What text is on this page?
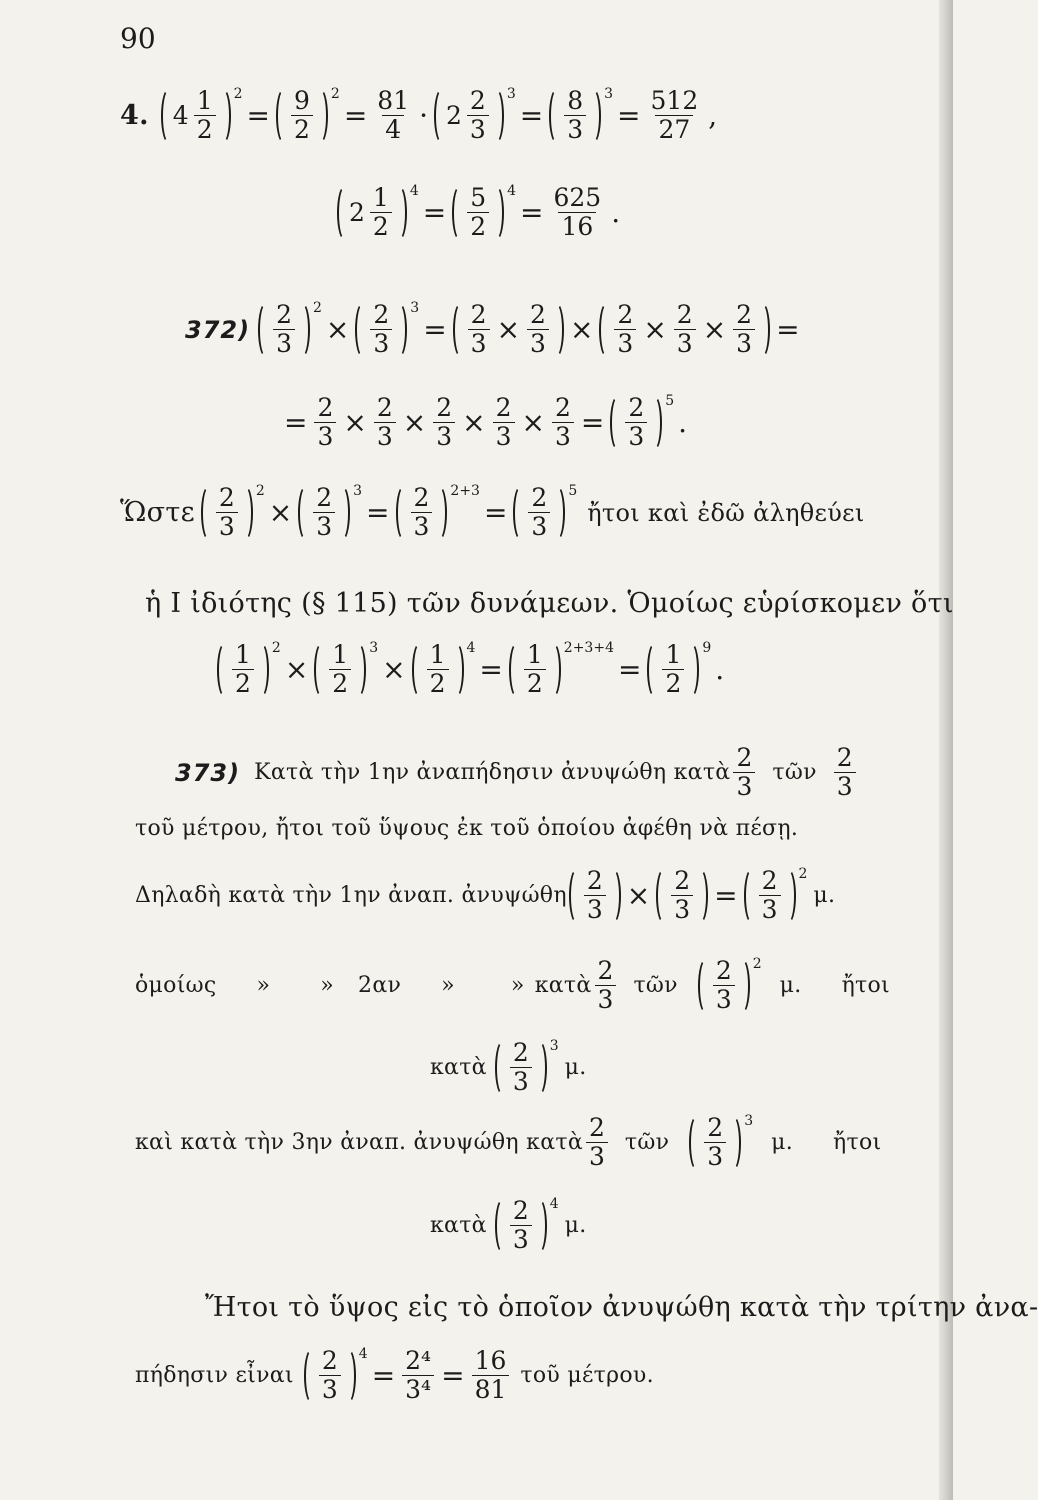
90
4. $4 \frac{1}{2} 2$
= $\frac{9}{2} 2$
= $\frac{81}{4} \cdot 2 \frac{2}{3} 3$
= $\frac{8}{3} 3$
= $\frac{512}{27}$ ,
$2 \frac{1}{2} 4$
= $\frac{5}{2} 4$
= $\frac{625}{16}$ .
$372) \frac{2}{3} 2$
× $\frac{2}{3} 3$
= $\frac{2}{3} \times \frac{2}{3} \times \frac{2}{3} \times \frac{2}{3} \times \frac{2}{3}$ =
= $\frac{2}{3} \times \frac{2}{3} \times \frac{2}{3} \times \frac{2}{3} \times \frac{2}{3} = \frac{2}{3} 5$
.
Ὥστε $\frac{2}{3} 2$
× $\frac{2}{3} 3$
= $\frac{2}{3} 2+3$
= $\frac{2}{3} 5$
ἤτοι καὶ ἐδῶ ἀληθεύει
ἡ I ἰδιότης (§ 115) τῶν δυνάμεων. Ὁμοίως εὑρίσκομεν ὅτι
$\frac{1}{2} 2$
× $\frac{1}{2} 3$
× $\frac{1}{2} 4$
= $\frac{1}{2} 2+3+4$
= $\frac{1}{2} 9$
.
373) Κατὰ τὴν 1ην ἀναπήδησιν ἀνυψώθη κατὰ $\frac{2}{3}$ τῶν $\frac{2}{3}$
τοῦ μέτρου, ἤτοι τοῦ ὕψους ἐκ τοῦ ὁποίου ἀφέθη νὰ πέσῃ.
Δηλαδὴ κατὰ τὴν 1ην ἀναπ. ἀνυψώθη $\frac{2}{3} \times \frac{2}{3} = \frac{2}{3} 2$
μ.
ὁμοίως » » 2αν »	» κατὰ $\frac{2}{3}$ τῶν $\frac{2}{3} 2$
μ. ἤτοι
κατὰ $\frac{2}{3} 3$
μ.
καὶ κατὰ τὴν 3ην ἀναπ. ἀνυψώθη κατὰ $\frac{2}{3}$ τῶν $\frac{2}{3} 3$
μ. ἤτοι
κατὰ $\frac{2}{3} 4$
μ.
Ἤτοι τὸ ὕψος εἰς τὸ ὁποῖον ἀνυψώθη κατὰ τὴν τρίτην ἀνα-
πήδησιν εἶναι $\frac{2}{3} 4$
= $\frac{\text{2⁴}}{\text{3⁴}} = \frac{16}{81}$ τοῦ μέτρου.
